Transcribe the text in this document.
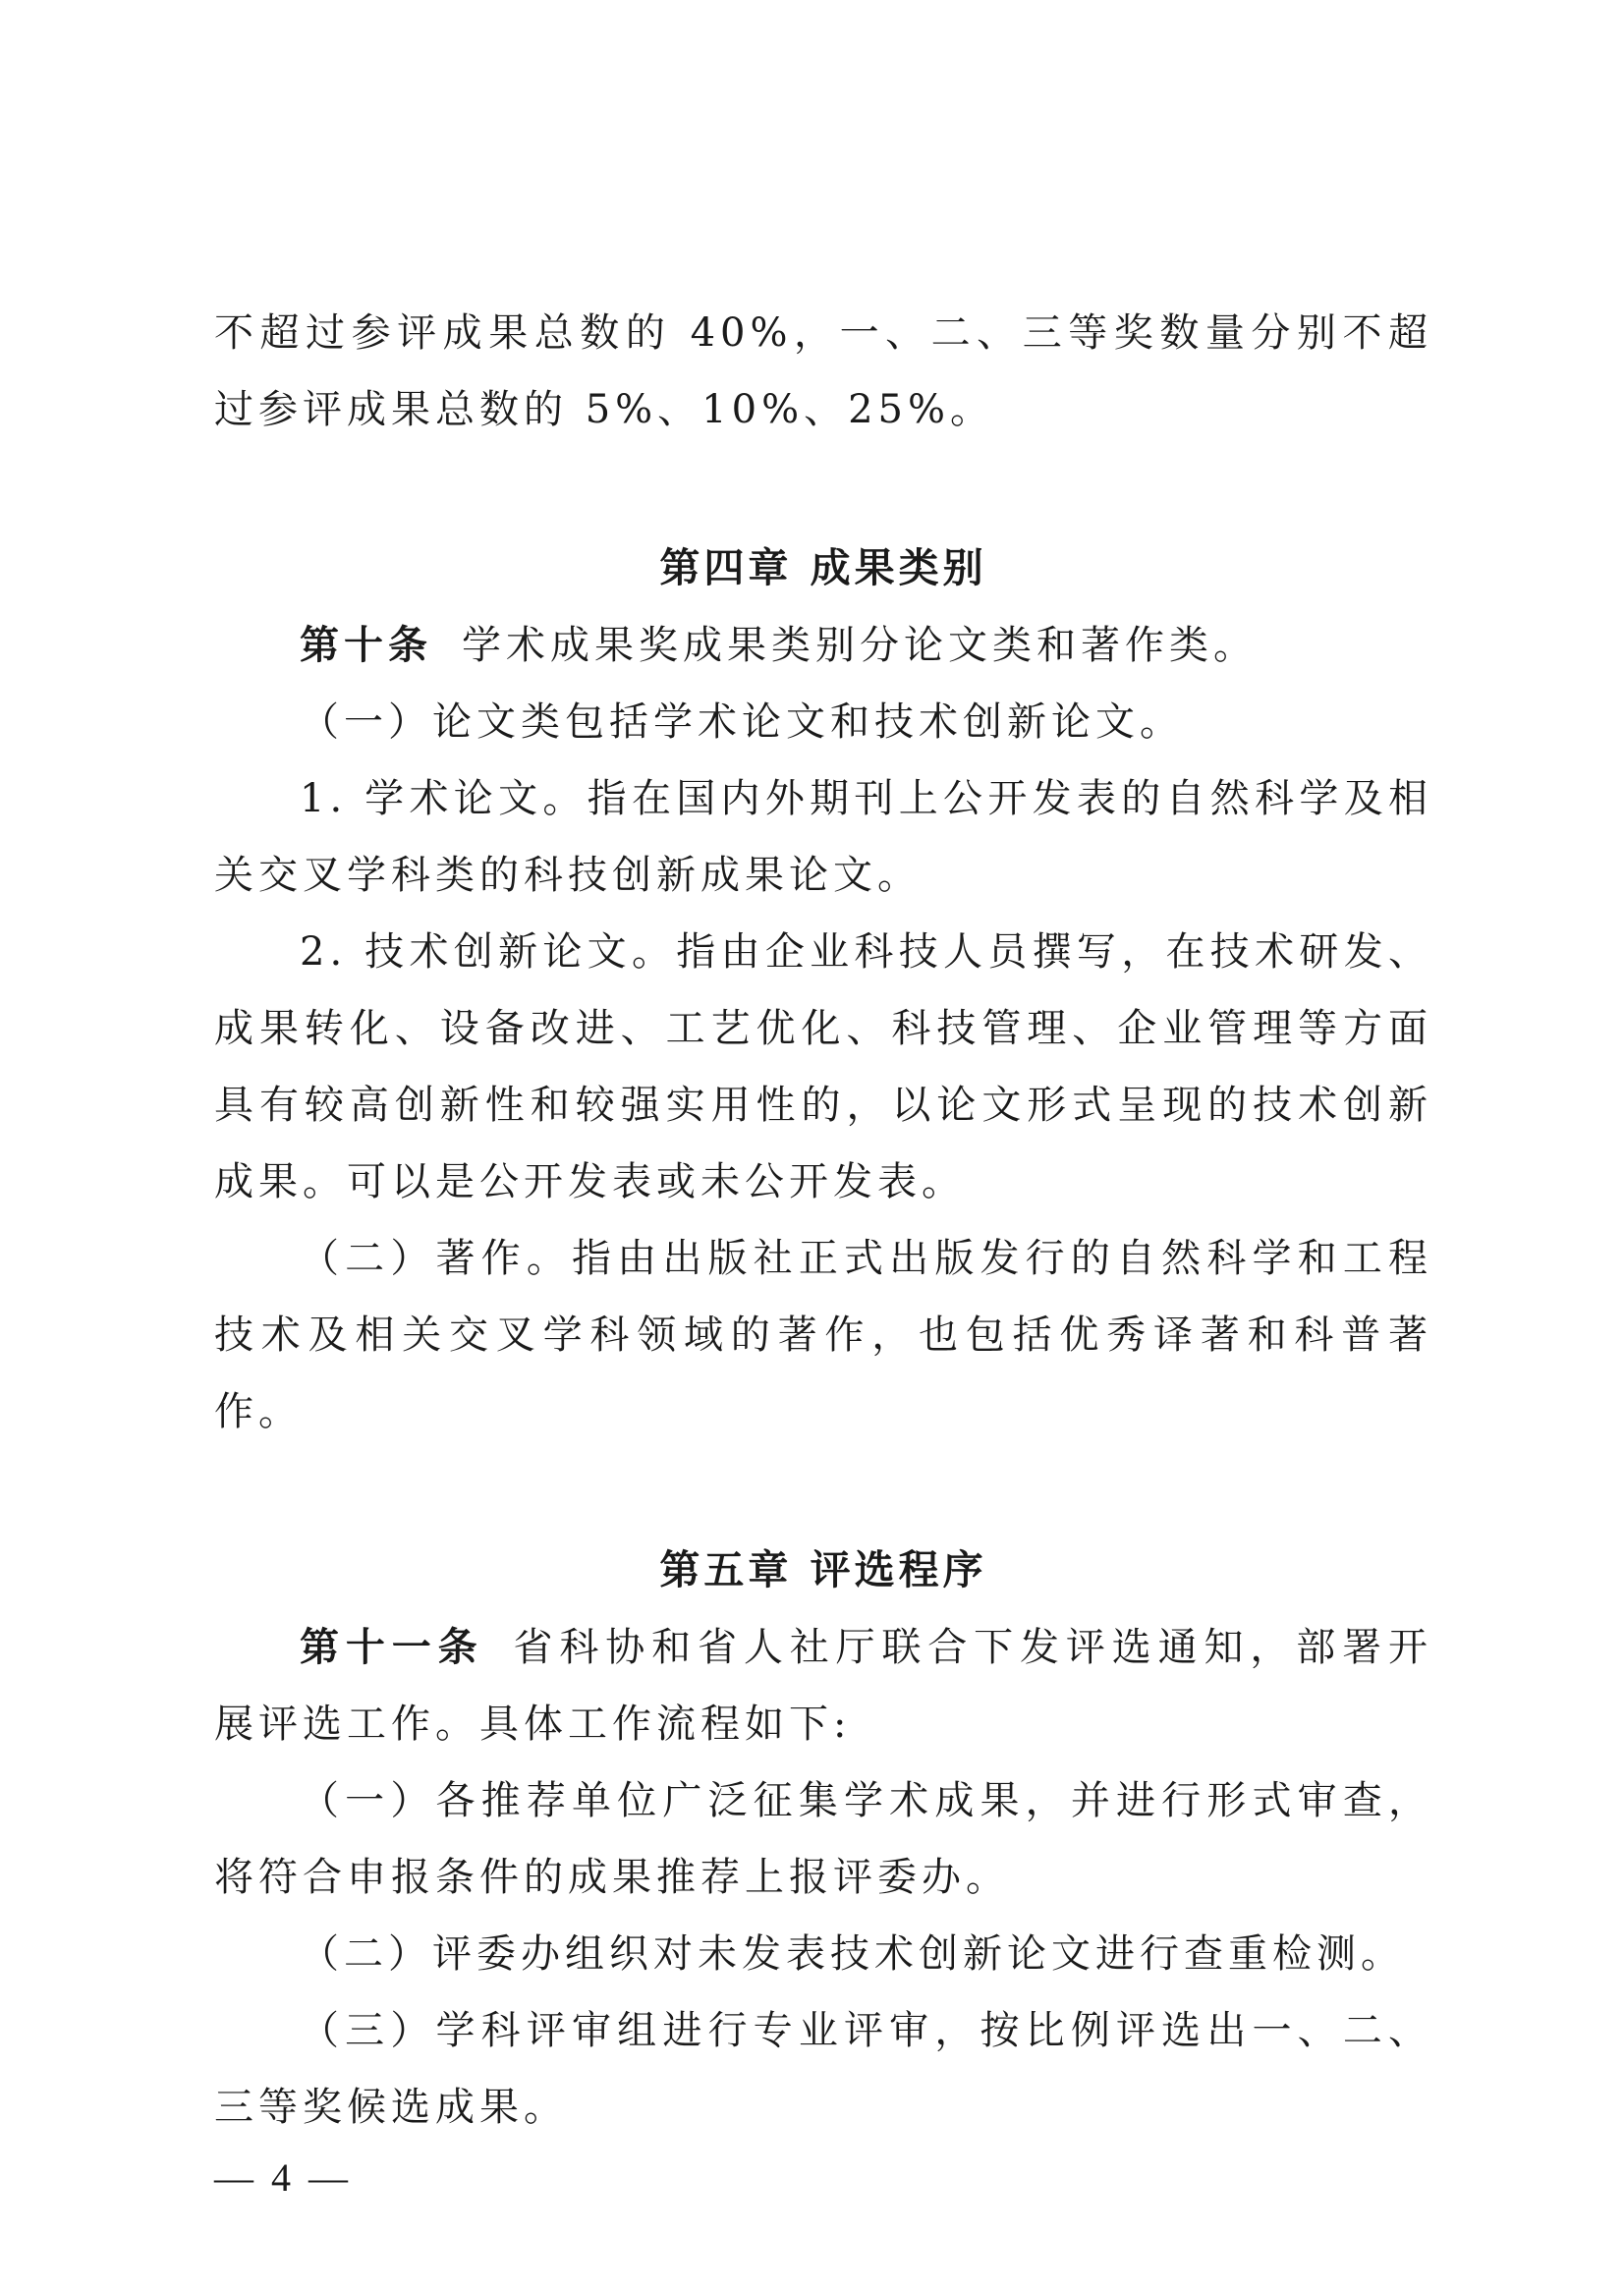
不超过参评成果总数的 40%，一、二、三等奖数量分别不超过参评成果总数的 5%、10%、25%。

第四章 成果类别

第十条 学术成果奖成果类别分论文类和著作类。

（一）论文类包括学术论文和技术创新论文。

1. 学术论文。指在国内外期刊上公开发表的自然科学及相关交叉学科类的科技创新成果论文。

2. 技术创新论文。指由企业科技人员撰写，在技术研发、成果转化、设备改进、工艺优化、科技管理、企业管理等方面具有较高创新性和较强实用性的，以论文形式呈现的技术创新成果。可以是公开发表或未公开发表。

（二）著作。指由出版社正式出版发行的自然科学和工程技术及相关交叉学科领域的著作，也包括优秀译著和科普著作。

第五章 评选程序

第十一条 省科协和省人社厅联合下发评选通知，部署开展评选工作。具体工作流程如下:

（一）各推荐单位广泛征集学术成果，并进行形式审查，将符合申报条件的成果推荐上报评委办。

（二）评委办组织对未发表技术创新论文进行查重检测。

（三）学科评审组进行专业评审，按比例评选出一、二、三等奖候选成果。

— 4 —
